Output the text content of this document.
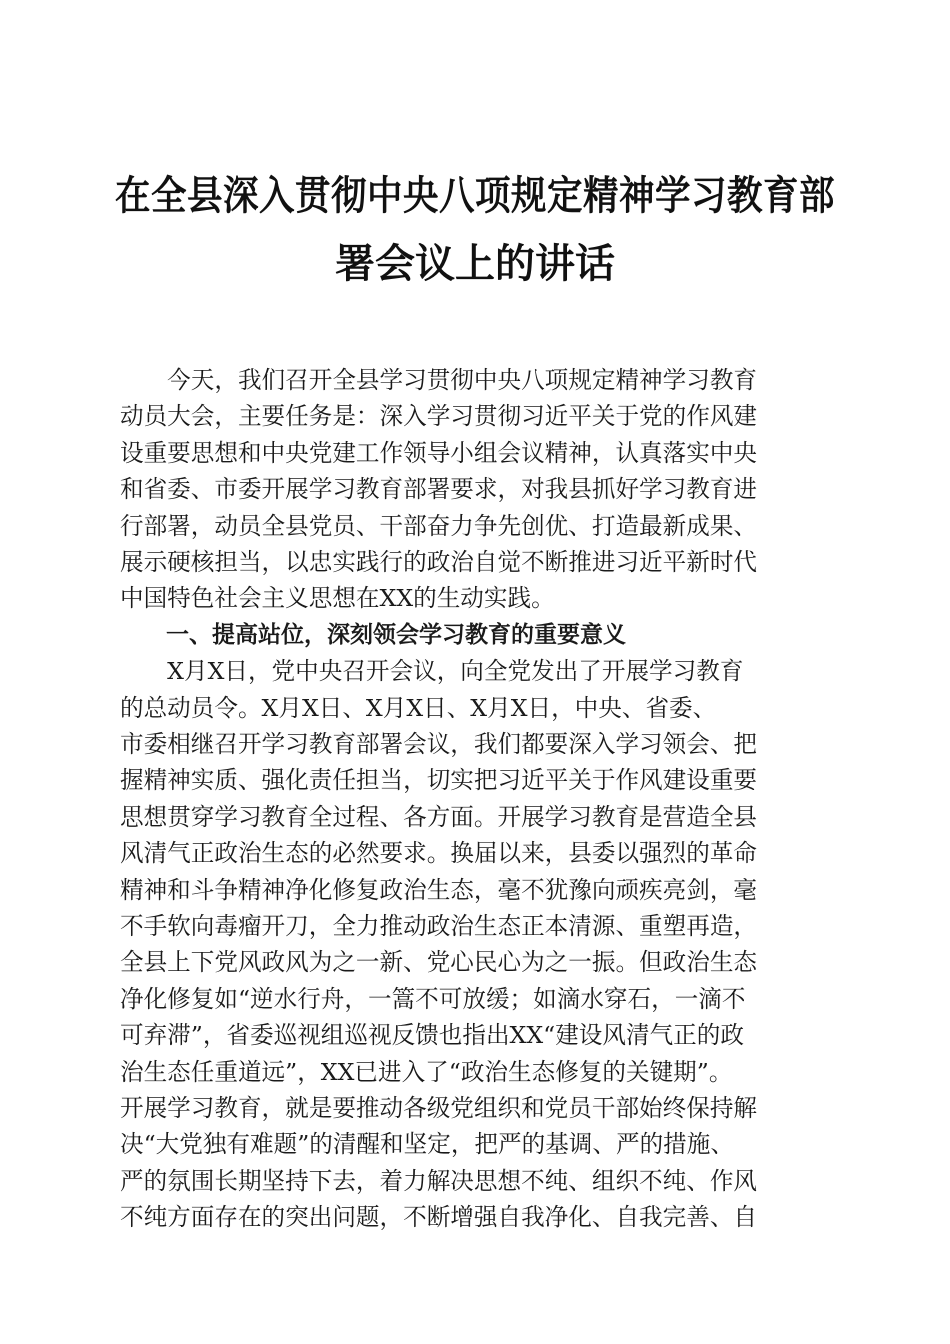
在全县深入贯彻中央八项规定精神学习教育部
署会议上的讲话
　　今天，我们召开全县学习贯彻中央八项规定精神学习教育
动员大会，主要任务是：深入学习贯彻习近平关于党的作风建
设重要思想和中央党建工作领导小组会议精神，认真落实中央
和省委、市委开展学习教育部署要求，对我县抓好学习教育进
行部署，动员全县党员、干部奋力争先创优、打造最新成果、
展示硬核担当，以忠实践行的政治自觉不断推进习近平新时代
中国特色社会主义思想在XX的生动实践。
　　一、提高站位，深刻领会学习教育的重要意义
　　X月X日，党中央召开会议，向全党发出了开展学习教育
的总动员令。X月X日、X月X日、X月X日，中央、省委、
市委相继召开学习教育部署会议，我们都要深入学习领会、把
握精神实质、强化责任担当，切实把习近平关于作风建设重要
思想贯穿学习教育全过程、各方面。开展学习教育是营造全县
风清气正政治生态的必然要求。换届以来，县委以强烈的革命
精神和斗争精神净化修复政治生态，毫不犹豫向顽疾亮剑，毫
不手软向毒瘤开刀，全力推动政治生态正本清源、重塑再造，
全县上下党风政风为之一新、党心民心为之一振。但政治生态
净化修复如“逆水行舟，一篙不可放缓；如滴水穿石，一滴不
可弃滞”，省委巡视组巡视反馈也指出XX“建设风清气正的政
治生态任重道远”，XX已进入了“政治生态修复的关键期”。
开展学习教育，就是要推动各级党组织和党员干部始终保持解
决“大党独有难题”的清醒和坚定，把严的基调、严的措施、
严的氛围长期坚持下去，着力解决思想不纯、组织不纯、作风
不纯方面存在的突出问题，不断增强自我净化、自我完善、自
